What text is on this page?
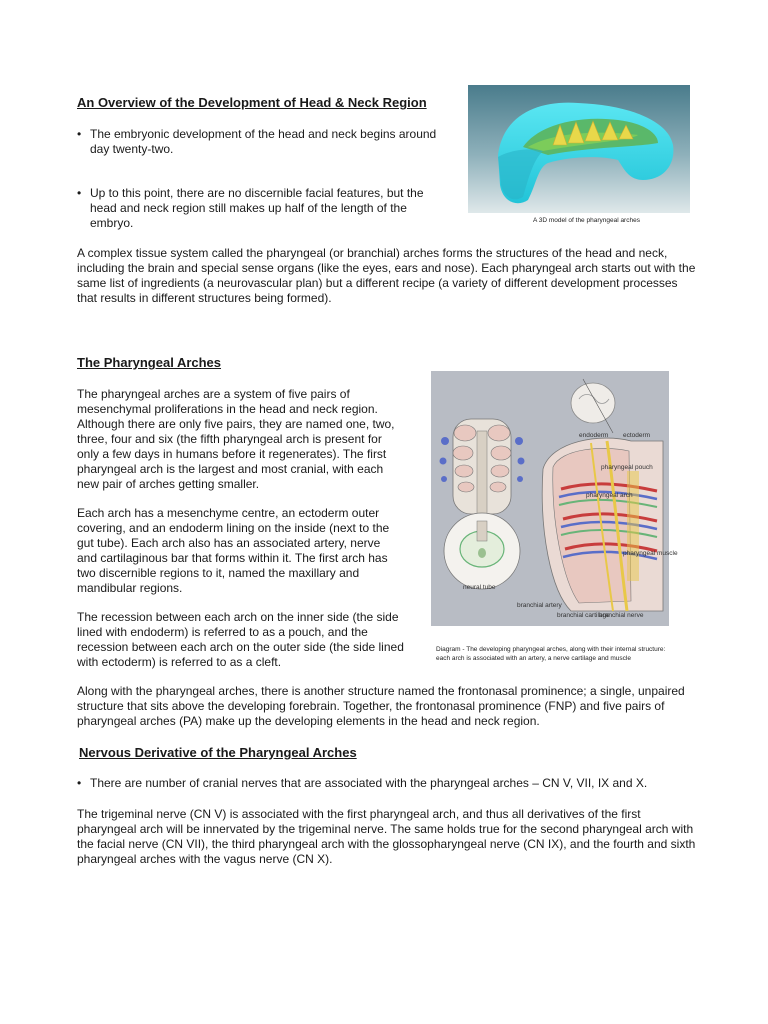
An Overview of the Development of Head & Neck Region

• The embryonic development of the head and neck begins around day twenty-two.

• Up to this point, there are no discernible facial features, but the head and neck region still makes up half of the length of the embryo.	A 3D model of the pharyngeal arches

A complex tissue system called the pharyngeal (or branchial) arches forms the structures of the head and neck, including the brain and special sense organs (like the eyes, ears and nose). Each pharyngeal arch starts out with the same list of ingredients (a neurovascular plan) but a different recipe (a variety of different development processes that results in different structures being formed).

The Pharyngeal Arches

The pharyngeal arches are a system of five pairs of mesenchymal proliferations in the head and neck region. Although there are only five pairs, they are named one, two, three, four and six (the fifth pharyngeal arch is present for only a few days in humans before it regenerates). The first pharyngeal arch is the largest and most cranial, with each new pair of arches getting smaller.

Each arch has a mesenchyme centre, an ectoderm outer covering, and an endoderm lining on the inside (next to the gut tube). Each arch also has an associated artery, nerve and cartilaginous bar that forms within it. The first arch has two discernible regions to it, named the maxillary and mandibular regions.

The recession between each arch on the inner side (the side lined with endoderm) is referred to as a pouch, and the recession between each arch on the outer side (the side lined with ectoderm) is referred to as a cleft.

endoderm ectoderm
pharyngeal pouch
pharyngeal arch
pharyngeal muscle
neural tube
branchial artery
branchial cartilage
branchial nerve

Diagram - The developing pharyngeal arches, along with their internal structure: each arch is associated with an artery, a nerve cartilage and muscle

Along with the pharyngeal arches, there is another structure named the frontonasal prominence; a single, unpaired structure that sits above the developing forebrain. Together, the frontonasal prominence (FNP) and five pairs of pharyngeal arches (PA) make up the developing elements in the head and neck region.

Nervous Derivative of the Pharyngeal Arches

• There are number of cranial nerves that are associated with the pharyngeal arches – CN V, VII, IX and X.

The trigeminal nerve (CN V) is associated with the first pharyngeal arch, and thus all derivatives of the first pharyngeal arch will be innervated by the trigeminal nerve. The same holds true for the second pharyngeal arch with the facial nerve (CN VII), the third pharyngeal arch with the glossopharyngeal nerve (CN IX), and the fourth and sixth pharyngeal arches with the vagus nerve (CN X).
